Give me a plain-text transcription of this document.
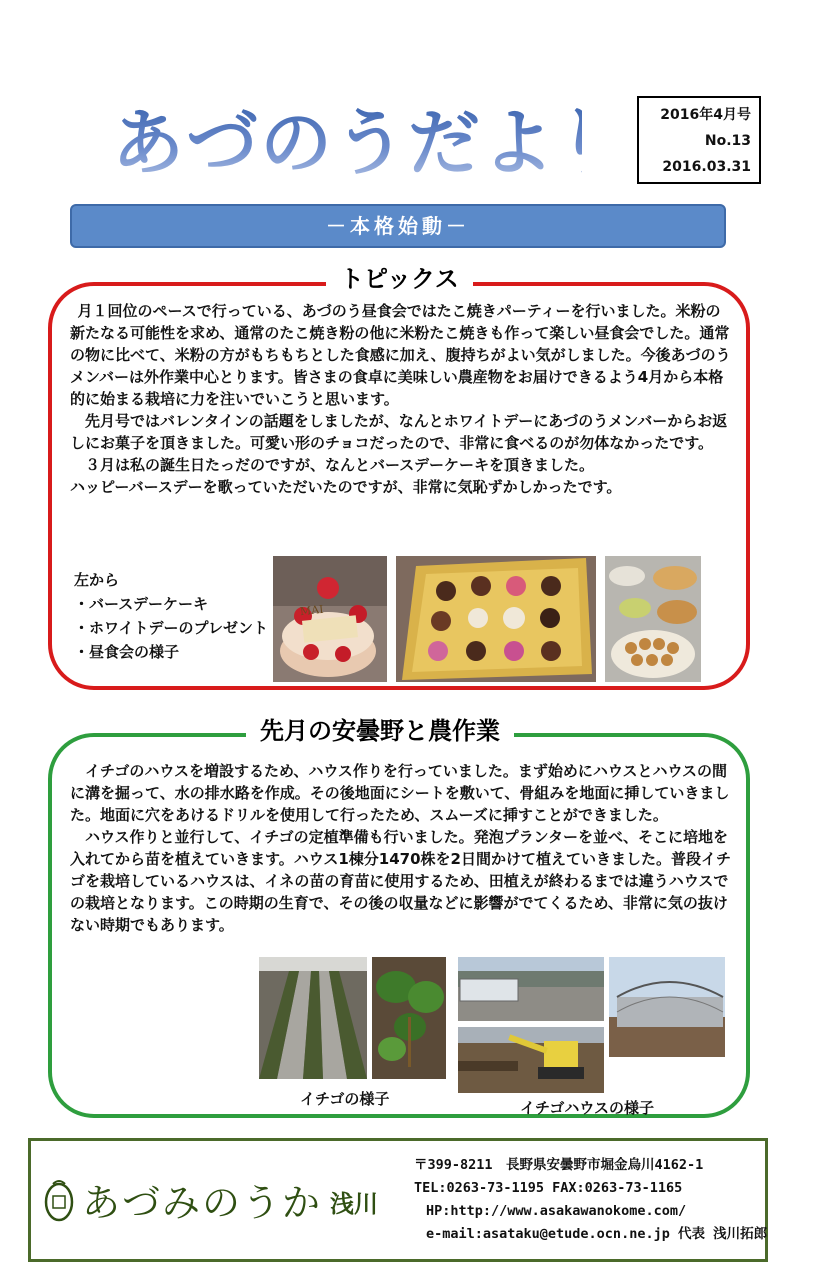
あづのうだより	2016年4月号
No.13
2016.03.31
－本格始動－
トピックス

月１回位のペースで行っている、あづのう昼食会ではたこ焼きパーティーを行いました。米粉の新たなる可能性を求め、通常のたこ焼き粉の他に米粉たこ焼きも作って楽しい昼食会でした。通常の物に比べて、米粉の方がもちもちとした食感に加え、腹持ちがよい気がしました。今後あづのうメンバーは外作業中心とります。皆さまの食卓に美味しい農産物をお届けできるよう4月から本格的に始まる栽培に力を注いでいこうと思います。

先月号ではバレンタインの話題をしましたが、なんとホワイトデーにあづのうメンバーからお返しにお菓子を頂きました。可愛い形のチョコだったので、非常に食べるのが勿体なかったです。

３月は私の誕生日たっだのですが、なんとバースデーケーキを頂きました。

ハッピーバースデーを歌っていただいたのですが、非常に気恥ずかしかったです。

左から
・バースデーケーキ
・ホワイトデーのプレゼント
・昼食会の様子
MAI
先月の安曇野と農作業

イチゴのハウスを増設するため、ハウス作りを行っていました。まず始めにハウスとハウスの間に溝を掘って、水の排水路を作成。その後地面にシートを敷いて、骨組みを地面に挿していきました。地面に穴をあけるドリルを使用して行ったため、スムーズに挿すことができました。

ハウス作りと並行して、イチゴの定植準備も行いました。発泡プランターを並べ、そこに培地を入れてから苗を植えていきます。ハウス1棟分1470株を2日間かけて植えていきました。普段イチゴを栽培しているハウスは、イネの苗の育苗に使用するため、田植えが終わるまでは違うハウスでの栽培となります。この時期の生育で、その後の収量などに影響がでてくるため、非常に気の抜けない時期でもあります。

イチゴの様子	イチゴハウスの様子
あづみのうか 浅川
〒399-8211　長野県安曇野市堀金烏川4162-1
TEL:0263-73-1195 FAX:0263-73-1165
HP:http://www.asakawanokome.com/
e-mail:asataku@etude.ocn.ne.jp 代表 浅川拓郎
